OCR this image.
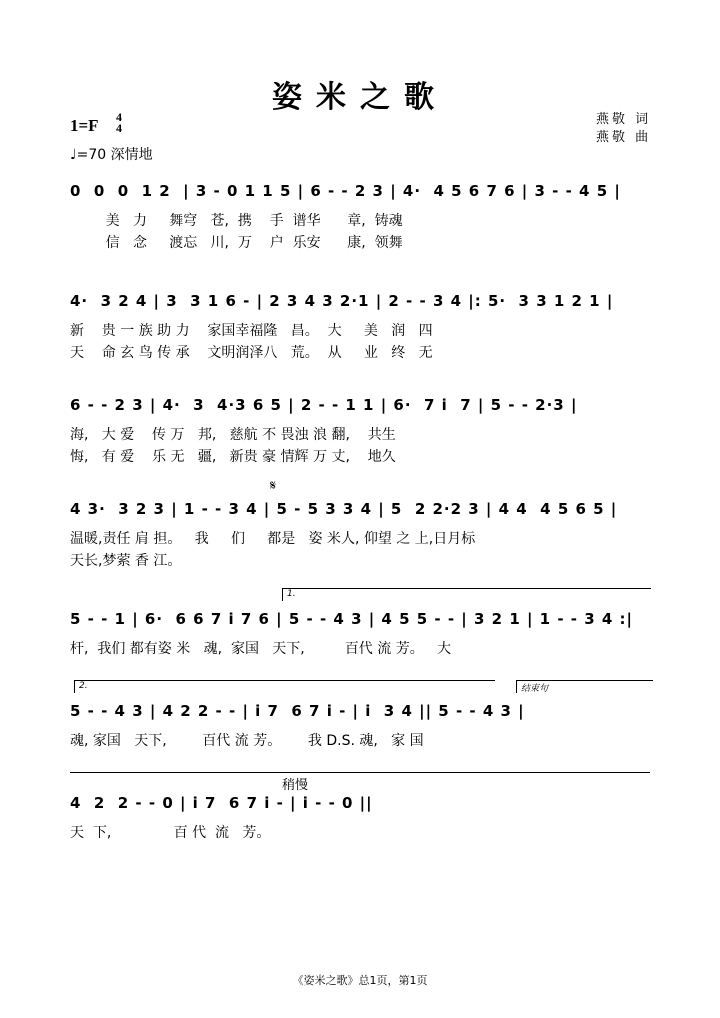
姿米之歌
1=F 4
4
♩=70 深情地
燕敬 词
燕敬 曲
0  0  0  1 2  | 3 - 0 1 1 5 | 6 - - 2 3 | 4·  4 5 6 7 6 | 3 - - 4 5 |
美   力     舞穹   苍,  携    手  谱华      章,  铸魂
信   念     渡忘   川,  万    户  乐安      康,  领舞
4·  3 2 4 | 3  3 1 6 - | 2 3 4 3 2·1 | 2 - - 3 4 |: 5·  3 3 1 2 1 |
新    贵 一 族 助 力    家国幸福隆   昌。  大     美   润   四
天    命 玄 鸟 传 承    文明润泽八   荒。  从     业   终   无
6 - - 2 3 | 4·  3  4·3 6 5 | 2 - - 1 1 | 6·  7 i  7 | 5 - - 2·3 |
海,   大 爱    传 万   邦,   慈航 不 畏浊 浪 翻,    共生
悔,   有 爱    乐 无   疆,   新贵 豪 情辉 万 丈,    地久
𝄋
4 3·  3 2 3 | 1 - - 3 4 | 5 - 5 3 3 4 | 5  2 2·2 3 | 4 4  4 5 6 5 |
温暖,责任 肩 担。   我     们     都是   姿 米人, 仰望 之 上,日月标
天长,梦萦 香 江。
1.
5 - - 1 | 6·  6 6 7 i 7 6 | 5 - - 4 3 | 4 5 5 - - | 3 2 1 | 1 - - 3 4 :|
杆,  我们 都有姿 米   魂,  家国   天下,         百代 流 芳。   大
2.	结束句
5 - - 4 3 | 4 2 2 - - | i 7  6 7 i - | i  3 4 || 5 - - 4 3 |
魂, 家国   天下,        百代 流 芳。      我 D.S. 魂,   家 国
稍慢
4  2  2 - - 0 | i 7  6 7 i - | i - - 0 ||
天  下,              百 代  流   芳。
《姿米之歌》总1页，第1页
